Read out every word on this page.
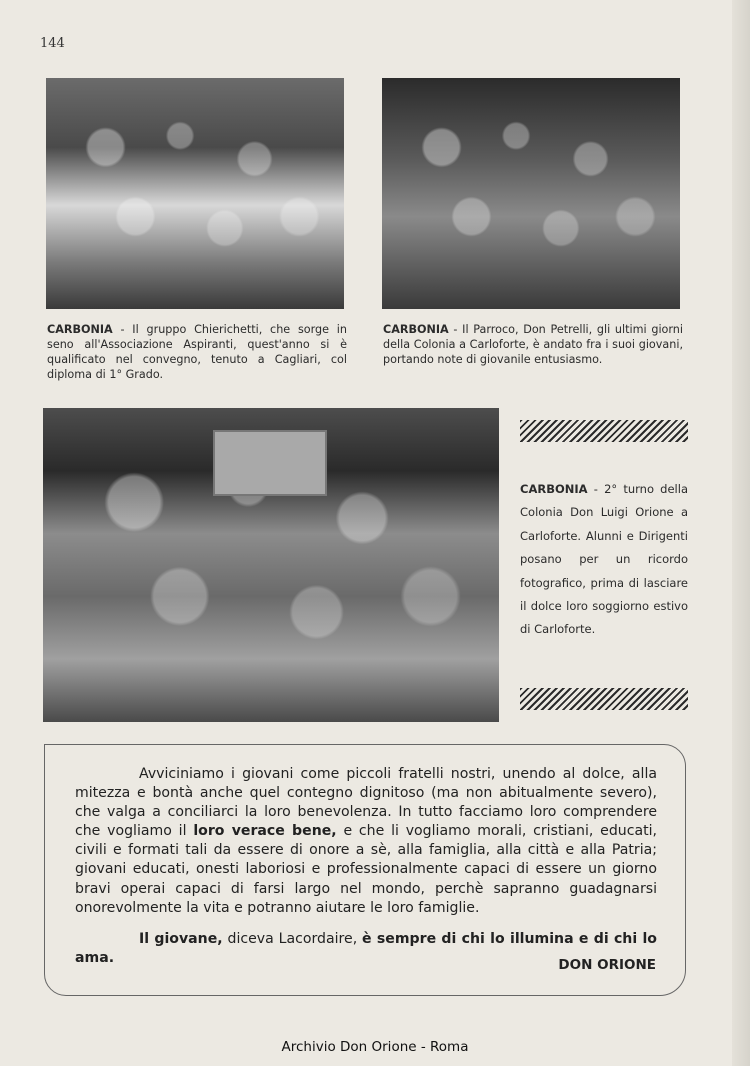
144
CARBONIA - Il gruppo Chierichetti, che sorge in seno all'Associazione Aspiranti, quest'anno si è qualificato nel convegno, tenuto a Cagliari, col diploma di 1° Grado.
CARBONIA - Il Parroco, Don Petrelli, gli ultimi giorni della Colonia a Carloforte, è andato fra i suoi giovani, portando note di giovanile entusiasmo.
CARBONIA - 2° turno della Colonia Don Luigi Orione a Carloforte. Alunni e Dirigenti posano per un ricordo fotografico, prima di lasciare il dolce loro soggiorno estivo di Carloforte.
Avviciniamo i giovani come piccoli fratelli nostri, unendo al dolce, alla mitezza e bontà anche quel contegno dignitoso (ma non abitualmente severo), che valga a conciliarci la loro benevolenza. In tutto facciamo loro comprendere che vogliamo il loro verace bene, e che li vogliamo morali, cristiani, educati, civili e formati tali da essere di onore a sè, alla famiglia, alla città e alla Patria; giovani educati, onesti laboriosi e professionalmente capaci di essere un giorno bravi operai capaci di farsi largo nel mondo, perchè sapranno guadagnarsi onorevolmente la vita e potranno aiutare le loro famiglie.
Il giovane, diceva Lacordaire, è sempre di chi lo illumina e di chi lo ama.	DON ORIONE
Archivio Don Orione - Roma
